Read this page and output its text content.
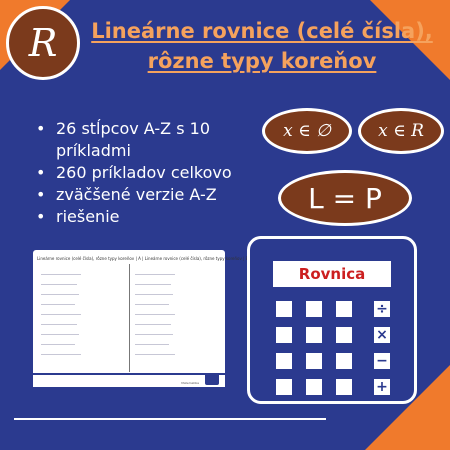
R Lineárne rovnice (celé čísla),
rôzne typy koreňov
• 26 stĺpcov A-Z s 10 príkladmi
• 260 príkladov celkovo
• zväčšené verzie A-Z
• riešenie
x ∈ ∅	x ∈ R
L = P
Lineárne rovnice (celé čísla), rôzne typy koreňov | A | Lineárne rovnice (celé čísla), rôzne typy koreňov | B
Matematika
Rovnica
÷
×
−
+
